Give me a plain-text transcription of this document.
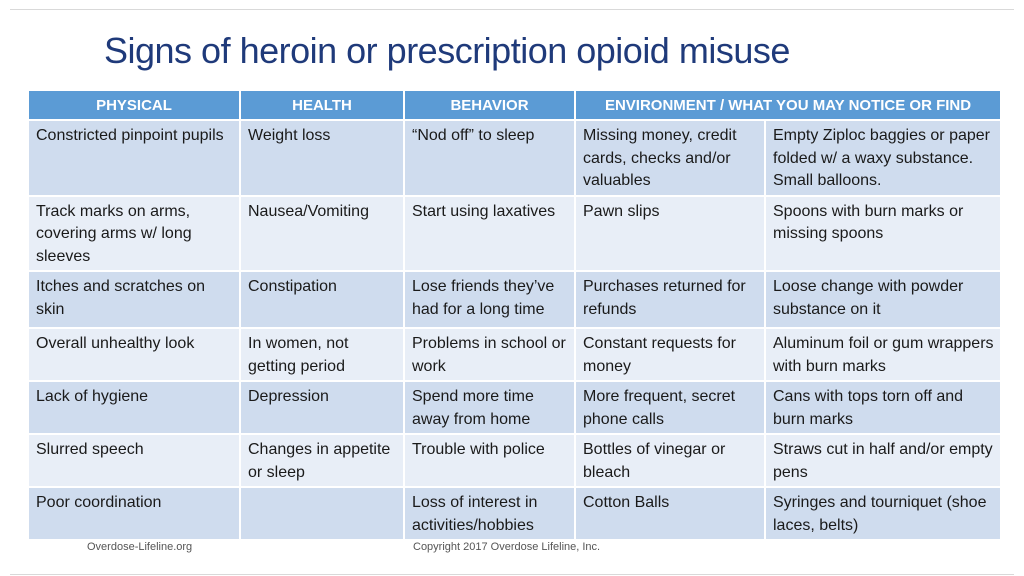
Signs of heroin or prescription opioid misuse
PHYSICAL	HEALTH	BEHAVIOR	ENVIRONMENT / WHAT YOU MAY NOTICE OR FIND	
Constricted pinpoint pupils	Weight loss	“Nod off” to sleep	Missing money, credit cards, checks and/or valuables	Empty Ziploc baggies or paper folded w/ a waxy substance. Small balloons.
Track marks on arms, covering arms w/ long sleeves	Nausea/Vomiting	Start using laxatives	Pawn slips	Spoons with burn marks or missing spoons
Itches and scratches on skin	Constipation	Lose friends they’ve had for a long time	Purchases returned for refunds	Loose change with powder substance on it
Overall unhealthy look	In women, not getting period	Problems in school or work	Constant requests for money	Aluminum foil or gum wrappers with burn marks
Lack of hygiene	Depression	Spend more time away from home	More frequent, secret phone calls	Cans with tops torn off and burn marks
Slurred speech	Changes in appetite or sleep	Trouble with police	Bottles of vinegar or bleach	Straws cut in half and/or empty pens
Poor coordination		Loss of interest in activities/hobbies	Cotton Balls	Syringes and tourniquet (shoe laces, belts)
Overdose-Lifeline.org	Copyright 2017 Overdose Lifeline, Inc.
